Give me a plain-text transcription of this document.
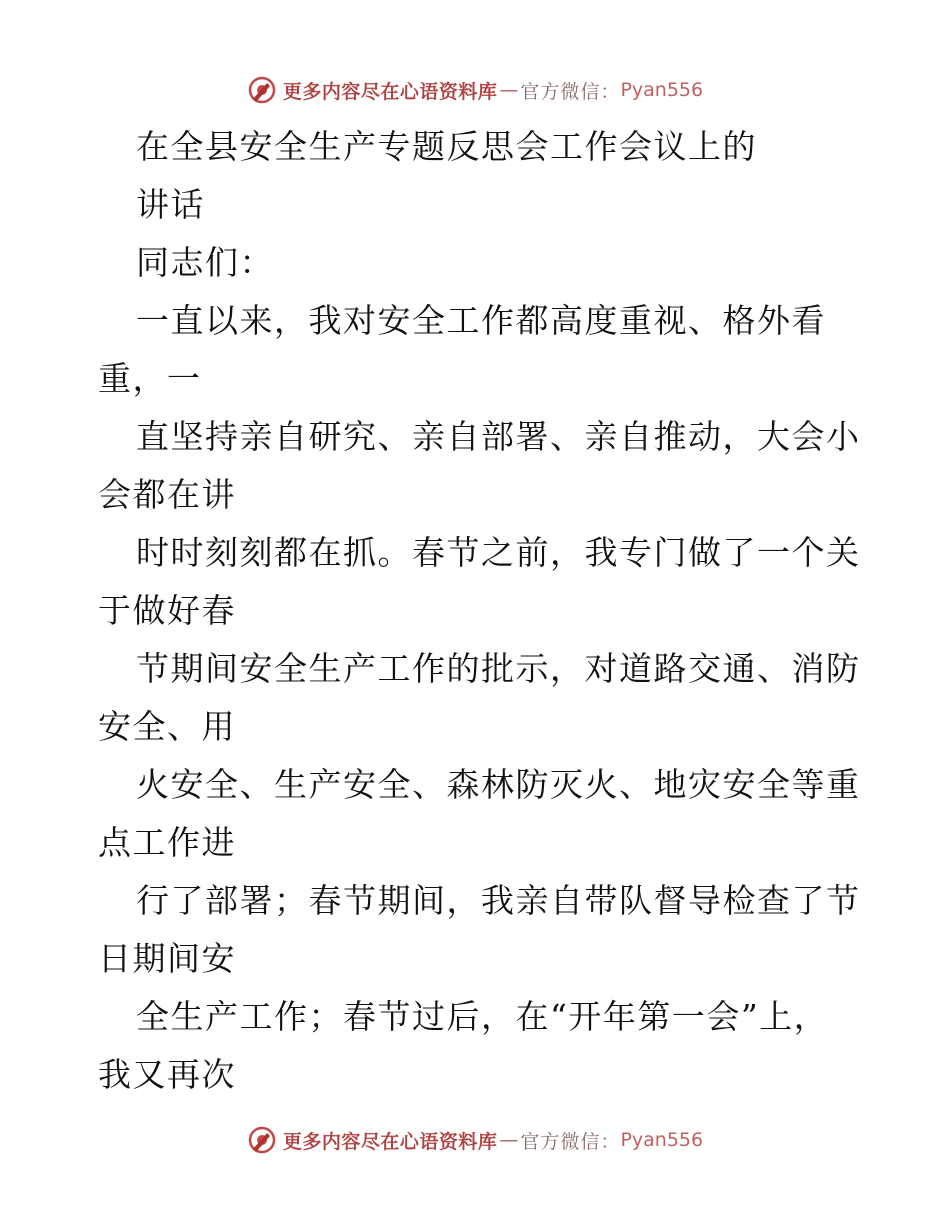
更多内容尽在心语资料库 — 官方微信： Pyan556
在全县安全生产专题反思会工作会议上的
讲话
同志们：
一直以来，我对安全工作都高度重视、格外看
重，一
直坚持亲自研究、亲自部署、亲自推动，大会小
会都在讲
时时刻刻都在抓。春节之前，我专门做了一个关
于做好春
节期间安全生产工作的批示，对道路交通、消防
安全、用
火安全、生产安全、森林防灭火、地灾安全等重
点工作进
行了部署；春节期间，我亲自带队督导检查了节
日期间安
全生产工作；春节过后，在“开年第一会”上，
我又再次
更多内容尽在心语资料库 — 官方微信： Pyan556
